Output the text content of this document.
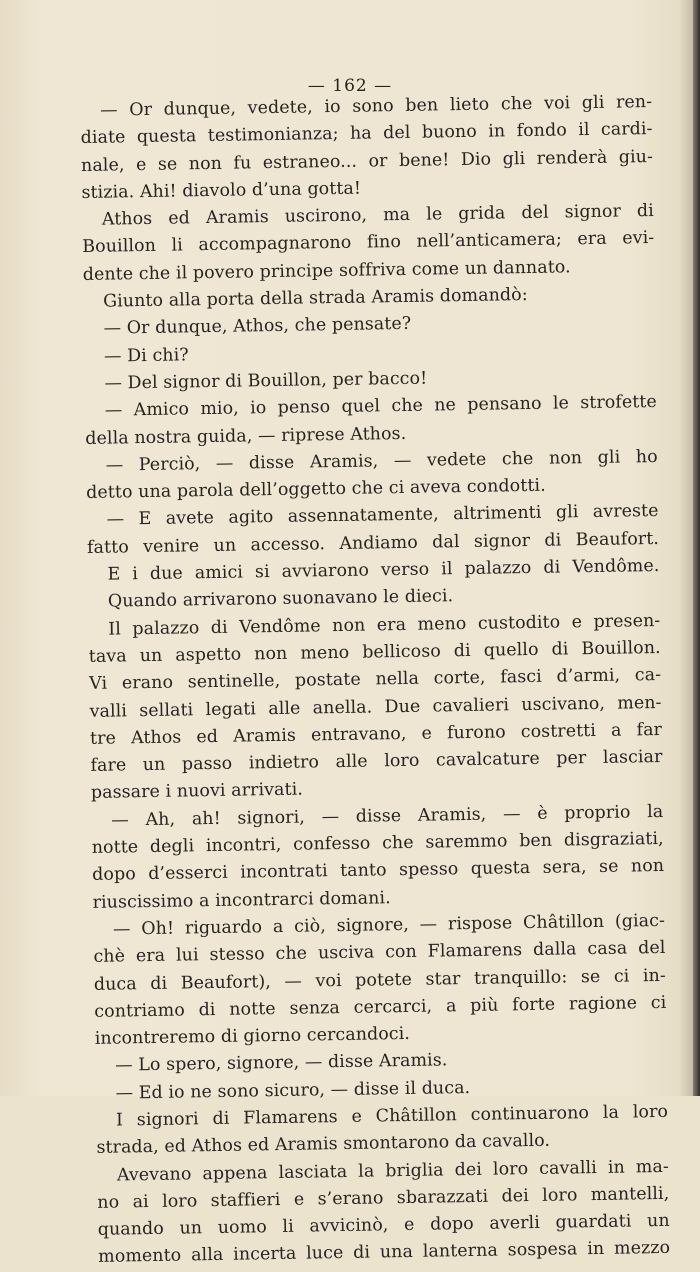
— 162 —
— Or dunque, vedete, io sono ben lieto che voi gli ren-
diate questa testimonianza; ha del buono in fondo il cardi-
nale, e se non fu estraneo... or bene! Dio gli renderà giu-
stizia. Ahi! diavolo d’una gotta!
Athos ed Aramis uscirono, ma le grida del signor di
Bouillon li accompagnarono fino nell’anticamera; era evi-
dente che il povero principe soffriva come un dannato.
Giunto alla porta della strada Aramis domandò:
— Or dunque, Athos, che pensate?
— Di chi?
— Del signor di Bouillon, per bacco!
— Amico mio, io penso quel che ne pensano le strofette
della nostra guida, — riprese Athos.
— Perciò, — disse Aramis, — vedete che non gli ho
detto una parola dell’oggetto che ci aveva condotti.
— E avete agito assennatamente, altrimenti gli avreste
fatto venire un accesso. Andiamo dal signor di Beaufort.
E i due amici si avviarono verso il palazzo di Vendôme.
Quando arrivarono suonavano le dieci.
Il palazzo di Vendôme non era meno custodito e presen-
tava un aspetto non meno bellicoso di quello di Bouillon.
Vi erano sentinelle, postate nella corte, fasci d’armi, ca-
valli sellati legati alle anella. Due cavalieri uscivano, men-
tre Athos ed Aramis entravano, e furono costretti a far
fare un passo indietro alle loro cavalcature per lasciar
passare i nuovi arrivati.
— Ah, ah! signori, — disse Aramis, — è proprio la
notte degli incontri, confesso che saremmo ben disgraziati,
dopo d’esserci incontrati tanto spesso questa sera, se non
riuscissimo a incontrarci domani.
— Oh! riguardo a ciò, signore, — rispose Châtillon (giac-
chè era lui stesso che usciva con Flamarens dalla casa del
duca di Beaufort), — voi potete star tranquillo: se ci in-
contriamo di notte senza cercarci, a più forte ragione ci
incontreremo di giorno cercandoci.
— Lo spero, signore, — disse Aramis.
— Ed io ne sono sicuro, — disse il duca.
I signori di Flamarens e Châtillon continuarono la loro
strada, ed Athos ed Aramis smontarono da cavallo.
Avevano appena lasciata la briglia dei loro cavalli in ma-
no ai loro staffieri e s’erano sbarazzati dei loro mantelli,
quando un uomo li avvicinò, e dopo averli guardati un
momento alla incerta luce di una lanterna sospesa in mezzo
